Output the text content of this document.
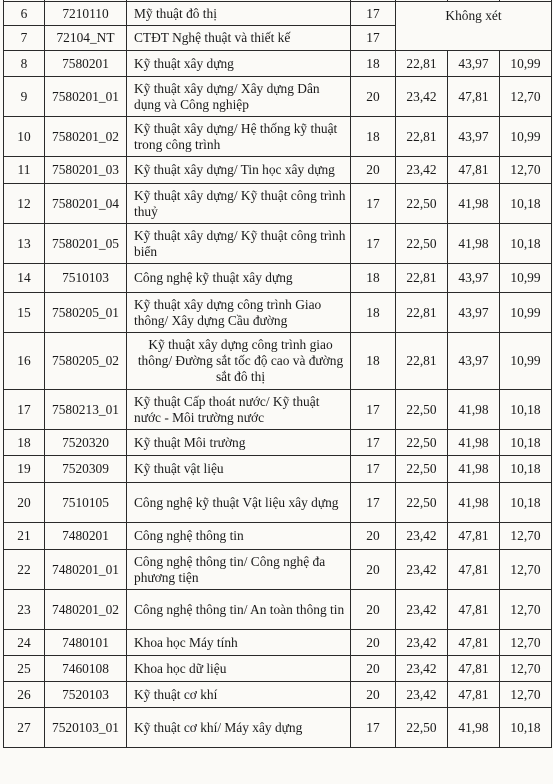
6	7210110	Mỹ thuật đô thị	17	Không xét		
7	72104_NT	CTĐT Nghệ thuật và thiết kế	17			
8	7580201	Kỹ thuật xây dựng	18	22,81	43,97	10,99
9	7580201_01	Kỹ thuật xây dựng/ Xây dựng Dân dụng và Công nghiệp	20	23,42	47,81	12,70
10	7580201_02	Kỹ thuật xây dựng/ Hệ thống kỹ thuật trong công trình	18	22,81	43,97	10,99
11	7580201_03	Kỹ thuật xây dựng/ Tin học xây dựng	20	23,42	47,81	12,70
12	7580201_04	Kỹ thuật xây dựng/ Kỹ thuật công trình thuỷ	17	22,50	41,98	10,18
13	7580201_05	Kỹ thuật xây dựng/ Kỹ thuật công trình biển	17	22,50	41,98	10,18
14	7510103	Công nghệ kỹ thuật xây dựng	18	22,81	43,97	10,99
15	7580205_01	Kỹ thuật xây dựng công trình Giao thông/ Xây dựng Cầu đường	18	22,81	43,97	10,99
16	7580205_02	Kỹ thuật xây dựng công trình giao thông/ Đường sắt tốc độ cao và đường sắt đô thị	18	22,81	43,97	10,99
17	7580213_01	Kỹ thuật Cấp thoát nước/ Kỹ thuật nước - Môi trường nước	17	22,50	41,98	10,18
18	7520320	Kỹ thuật Môi trường	17	22,50	41,98	10,18
19	7520309	Kỹ thuật vật liệu	17	22,50	41,98	10,18
20	7510105	Công nghệ kỹ thuật Vật liệu xây dựng	17	22,50	41,98	10,18
21	7480201	Công nghệ thông tin	20	23,42	47,81	12,70
22	7480201_01	Công nghệ thông tin/ Công nghệ đa phương tiện	20	23,42	47,81	12,70
23	7480201_02	Công nghệ thông tin/ An toàn thông tin	20	23,42	47,81	12,70
24	7480101	Khoa học Máy tính	20	23,42	47,81	12,70
25	7460108	Khoa học dữ liệu	20	23,42	47,81	12,70
26	7520103	Kỹ thuật cơ khí	20	23,42	47,81	12,70
27	7520103_01	Kỹ thuật cơ khí/ Máy xây dựng	17	22,50	41,98	10,18
